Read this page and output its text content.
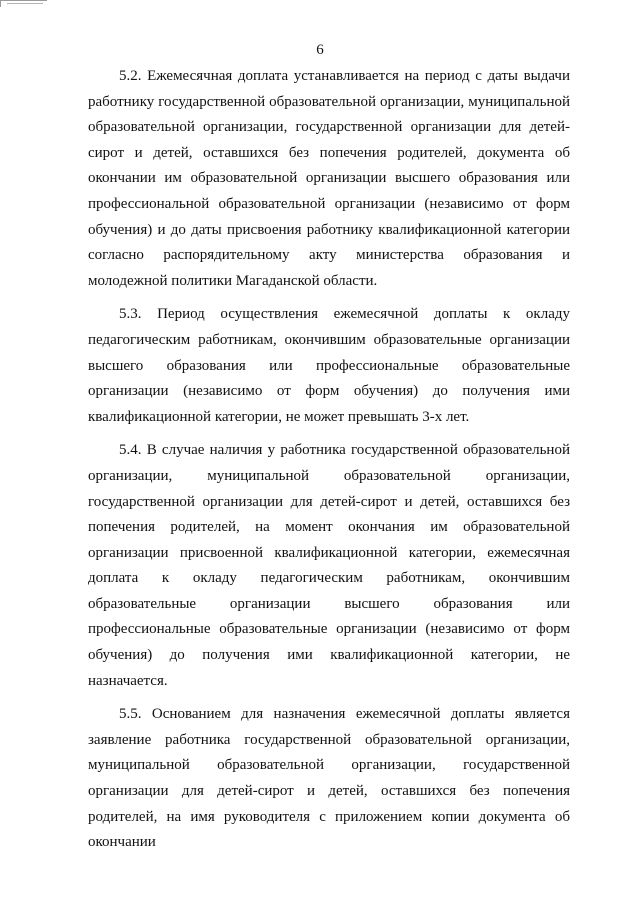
6

5.2. Ежемесячная доплата устанавливается на период с даты выдачи работнику государственной образовательной организации, муниципальной образовательной организации, государственной организации для детей-сирот и детей, оставшихся без попечения родителей, документа об окончании им образовательной организации высшего образования или профессиональной образовательной организации (независимо от форм обучения) и до даты присвоения работнику квалификационной категории согласно распорядительному акту министерства образования и молодежной политики Магаданской области.

5.3. Период осуществления ежемесячной доплаты к окладу педагогическим работникам, окончившим образовательные организации высшего образования или профессиональные образовательные организации (независимо от форм обучения) до получения ими квалификационной категории, не может превышать 3-х лет.

5.4. В случае наличия у работника государственной образовательной организации, муниципальной образовательной организации, государственной организации для детей-сирот и детей, оставшихся без попечения родителей, на момент окончания им образовательной организации присвоенной квалификационной категории, ежемесячная доплата к окладу педагогическим работникам, окончившим образовательные организации высшего образования или профессиональные образовательные организации (независимо от форм обучения) до получения ими квалификационной категории, не назначается.

5.5. Основанием для назначения ежемесячной доплаты является заявление работника государственной образовательной организации, муниципальной образовательной организации, государственной организации для детей-сирот и детей, оставшихся без попечения родителей, на имя руководителя с приложением копии документа об окончании
